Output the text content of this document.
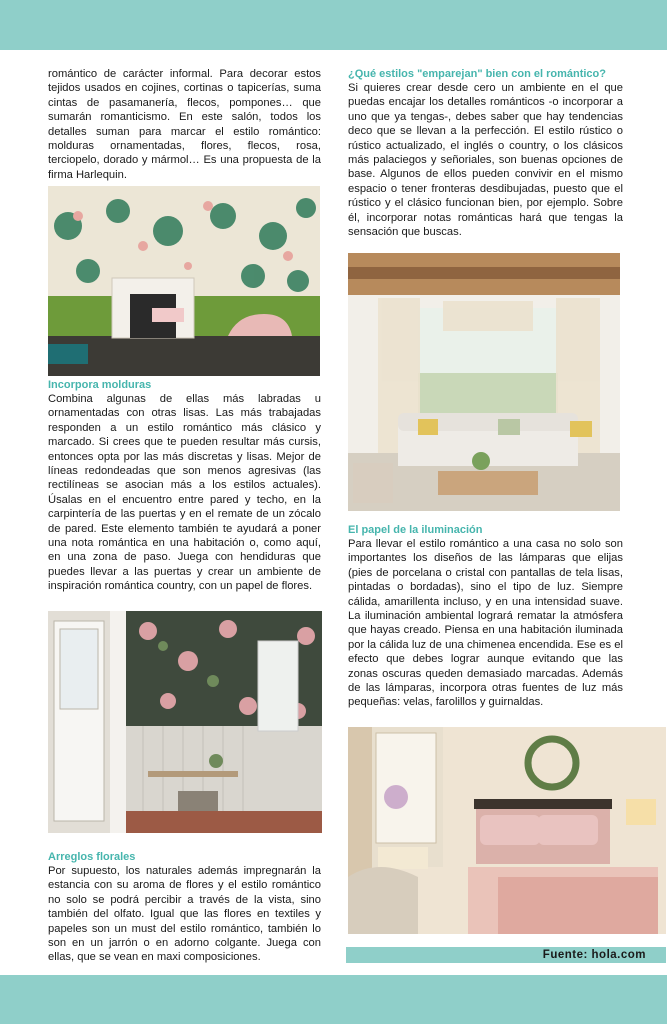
romántico de carácter informal. Para decorar estos tejidos usados en cojines, cortinas o tapicerías, suma cintas de pasamanería, flecos, pompones… que sumarán romanticismo. En este salón, todos los detalles suman para marcar el estilo romántico: molduras ornamentadas, flores, flecos, rosa, terciopelo, dorado y mármol… Es una propuesta de la firma Harlequin.

Incorpora molduras

Combina algunas de ellas más labradas u ornamentadas con otras lisas. Las más trabajadas responden a un estilo romántico más clásico y marcado. Si crees que te pueden resultar más cursis, entonces opta por las más discretas y lisas. Mejor de líneas redondeadas que son menos agresivas (las rectilíneas se asocian más a los estilos actuales). Úsalas en el encuentro entre pared y techo, en la carpintería de las puertas y en el remate de un zócalo de pared. Este elemento también te ayudará a poner una nota romántica en una habitación o, como aquí, en una zona de paso. Juega con hendiduras que puedes llevar a las puertas y crear un ambiente de inspiración romántica country, con un papel de flores.

Arreglos florales

Por supuesto, los naturales además impregnarán la estancia con su aroma de flores y el estilo romántico no solo se podrá percibir a través de la vista, sino también del olfato. Igual que las flores en textiles y papeles son un must del estilo romántico, también lo son en un jarrón o en adorno colgante. Juega con ellas, que se vean en maxi composiciones.

¿Qué estilos "emparejan" bien con el romántico?

Si quieres crear desde cero un ambiente en el que puedas encajar los detalles románticos -o incorporar a uno que ya tengas-, debes saber que hay tendencias deco que se llevan a la perfección. El estilo rústico o rústico actualizado, el inglés o country, o los clásicos más palaciegos y señoriales, son buenas opciones de base. Algunos de ellos pueden convivir en el mismo espacio o tener fronteras desdibujadas, puesto que el rústico y el clásico funcionan bien, por ejemplo. Sobre él, incorporar notas románticas hará que tengas la sensación que buscas.

El papel de la iluminación

Para llevar el estilo romántico a una casa no solo son importantes los diseños de las lámparas que elijas (pies de porcelana o cristal con pantallas de tela lisas, pintadas o bordadas), sino el tipo de luz. Siempre cálida, amarillenta incluso, y en una intensidad suave. La iluminación ambiental logrará rematar la atmósfera que hayas creado. Piensa en una habitación iluminada por la cálida luz de una chimenea encendida. Ese es el efecto que debes lograr aunque evitando que las zonas oscuras queden demasiado marcadas. Además de las lámparas, incorpora otras fuentes de luz más pequeñas: velas, farolillos y guirnaldas.

Fuente: hola.com
